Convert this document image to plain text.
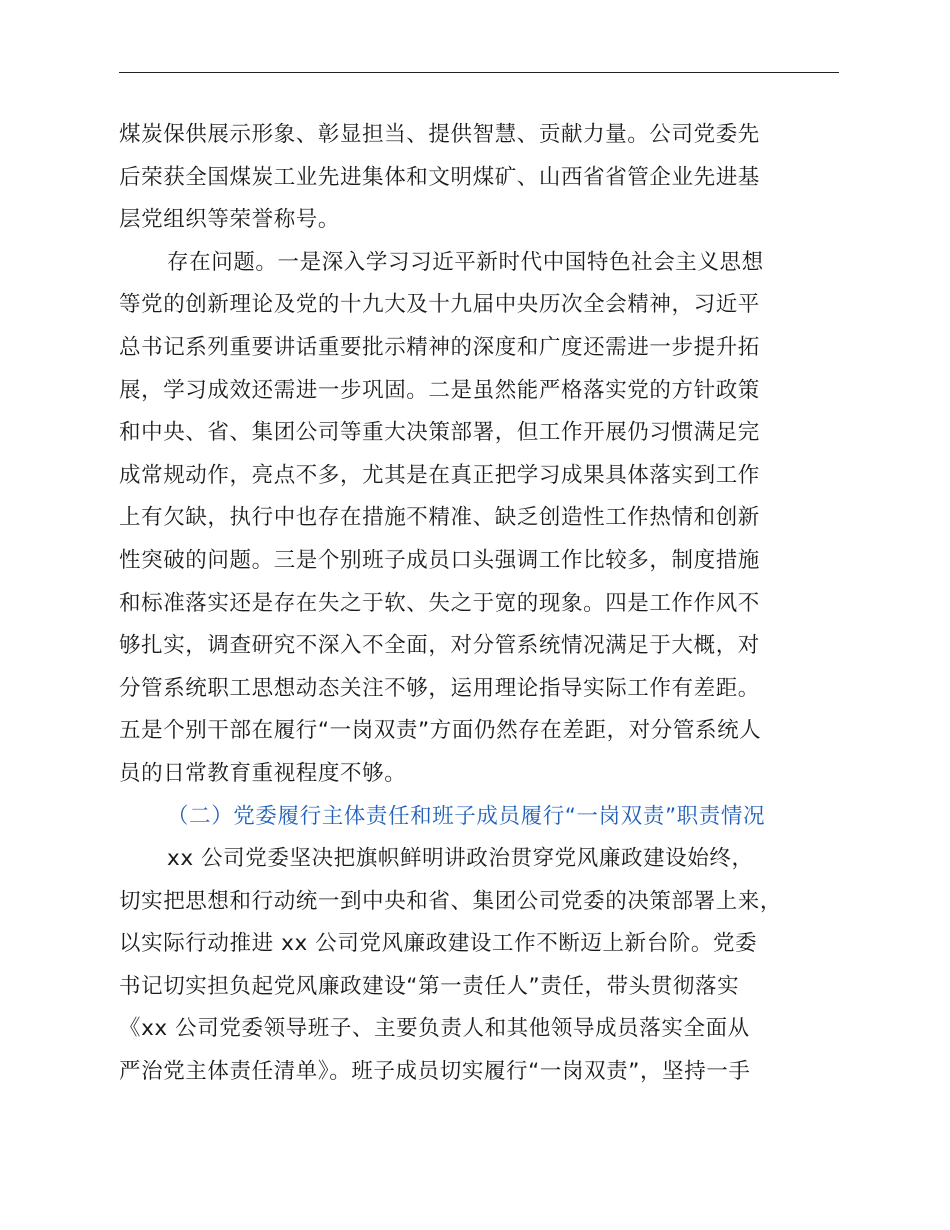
煤炭保供展示形象、彰显担当、提供智慧、贡献力量。公司党委先
后荣获全国煤炭工业先进集体和文明煤矿、山西省省管企业先进基
层党组织等荣誉称号。
存在问题。一是深入学习习近平新时代中国特色社会主义思想
等党的创新理论及党的十九大及十九届中央历次全会精神，习近平
总书记系列重要讲话重要批示精神的深度和广度还需进一步提升拓
展，学习成效还需进一步巩固。二是虽然能严格落实党的方针政策
和中央、省、集团公司等重大决策部署，但工作开展仍习惯满足完
成常规动作，亮点不多，尤其是在真正把学习成果具体落实到工作
上有欠缺，执行中也存在措施不精准、缺乏创造性工作热情和创新
性突破的问题。三是个别班子成员口头强调工作比较多，制度措施
和标准落实还是存在失之于软、失之于宽的现象。四是工作作风不
够扎实，调查研究不深入不全面，对分管系统情况满足于大概，对
分管系统职工思想动态关注不够，运用理论指导实际工作有差距。
五是个别干部在履行“一岗双责”方面仍然存在差距，对分管系统人
员的日常教育重视程度不够。
（二）党委履行主体责任和班子成员履行“一岗双责”职责情况
xx 公司党委坚决把旗帜鲜明讲政治贯穿党风廉政建设始终，
切实把思想和行动统一到中央和省、集团公司党委的决策部署上来，
以实际行动推进 xx 公司党风廉政建设工作不断迈上新台阶。党委
书记切实担负起党风廉政建设“第一责任人”责任，带头贯彻落实
《xx 公司党委领导班子、主要负责人和其他领导成员落实全面从
严治党主体责任清单》。班子成员切实履行“一岗双责”，坚持一手
